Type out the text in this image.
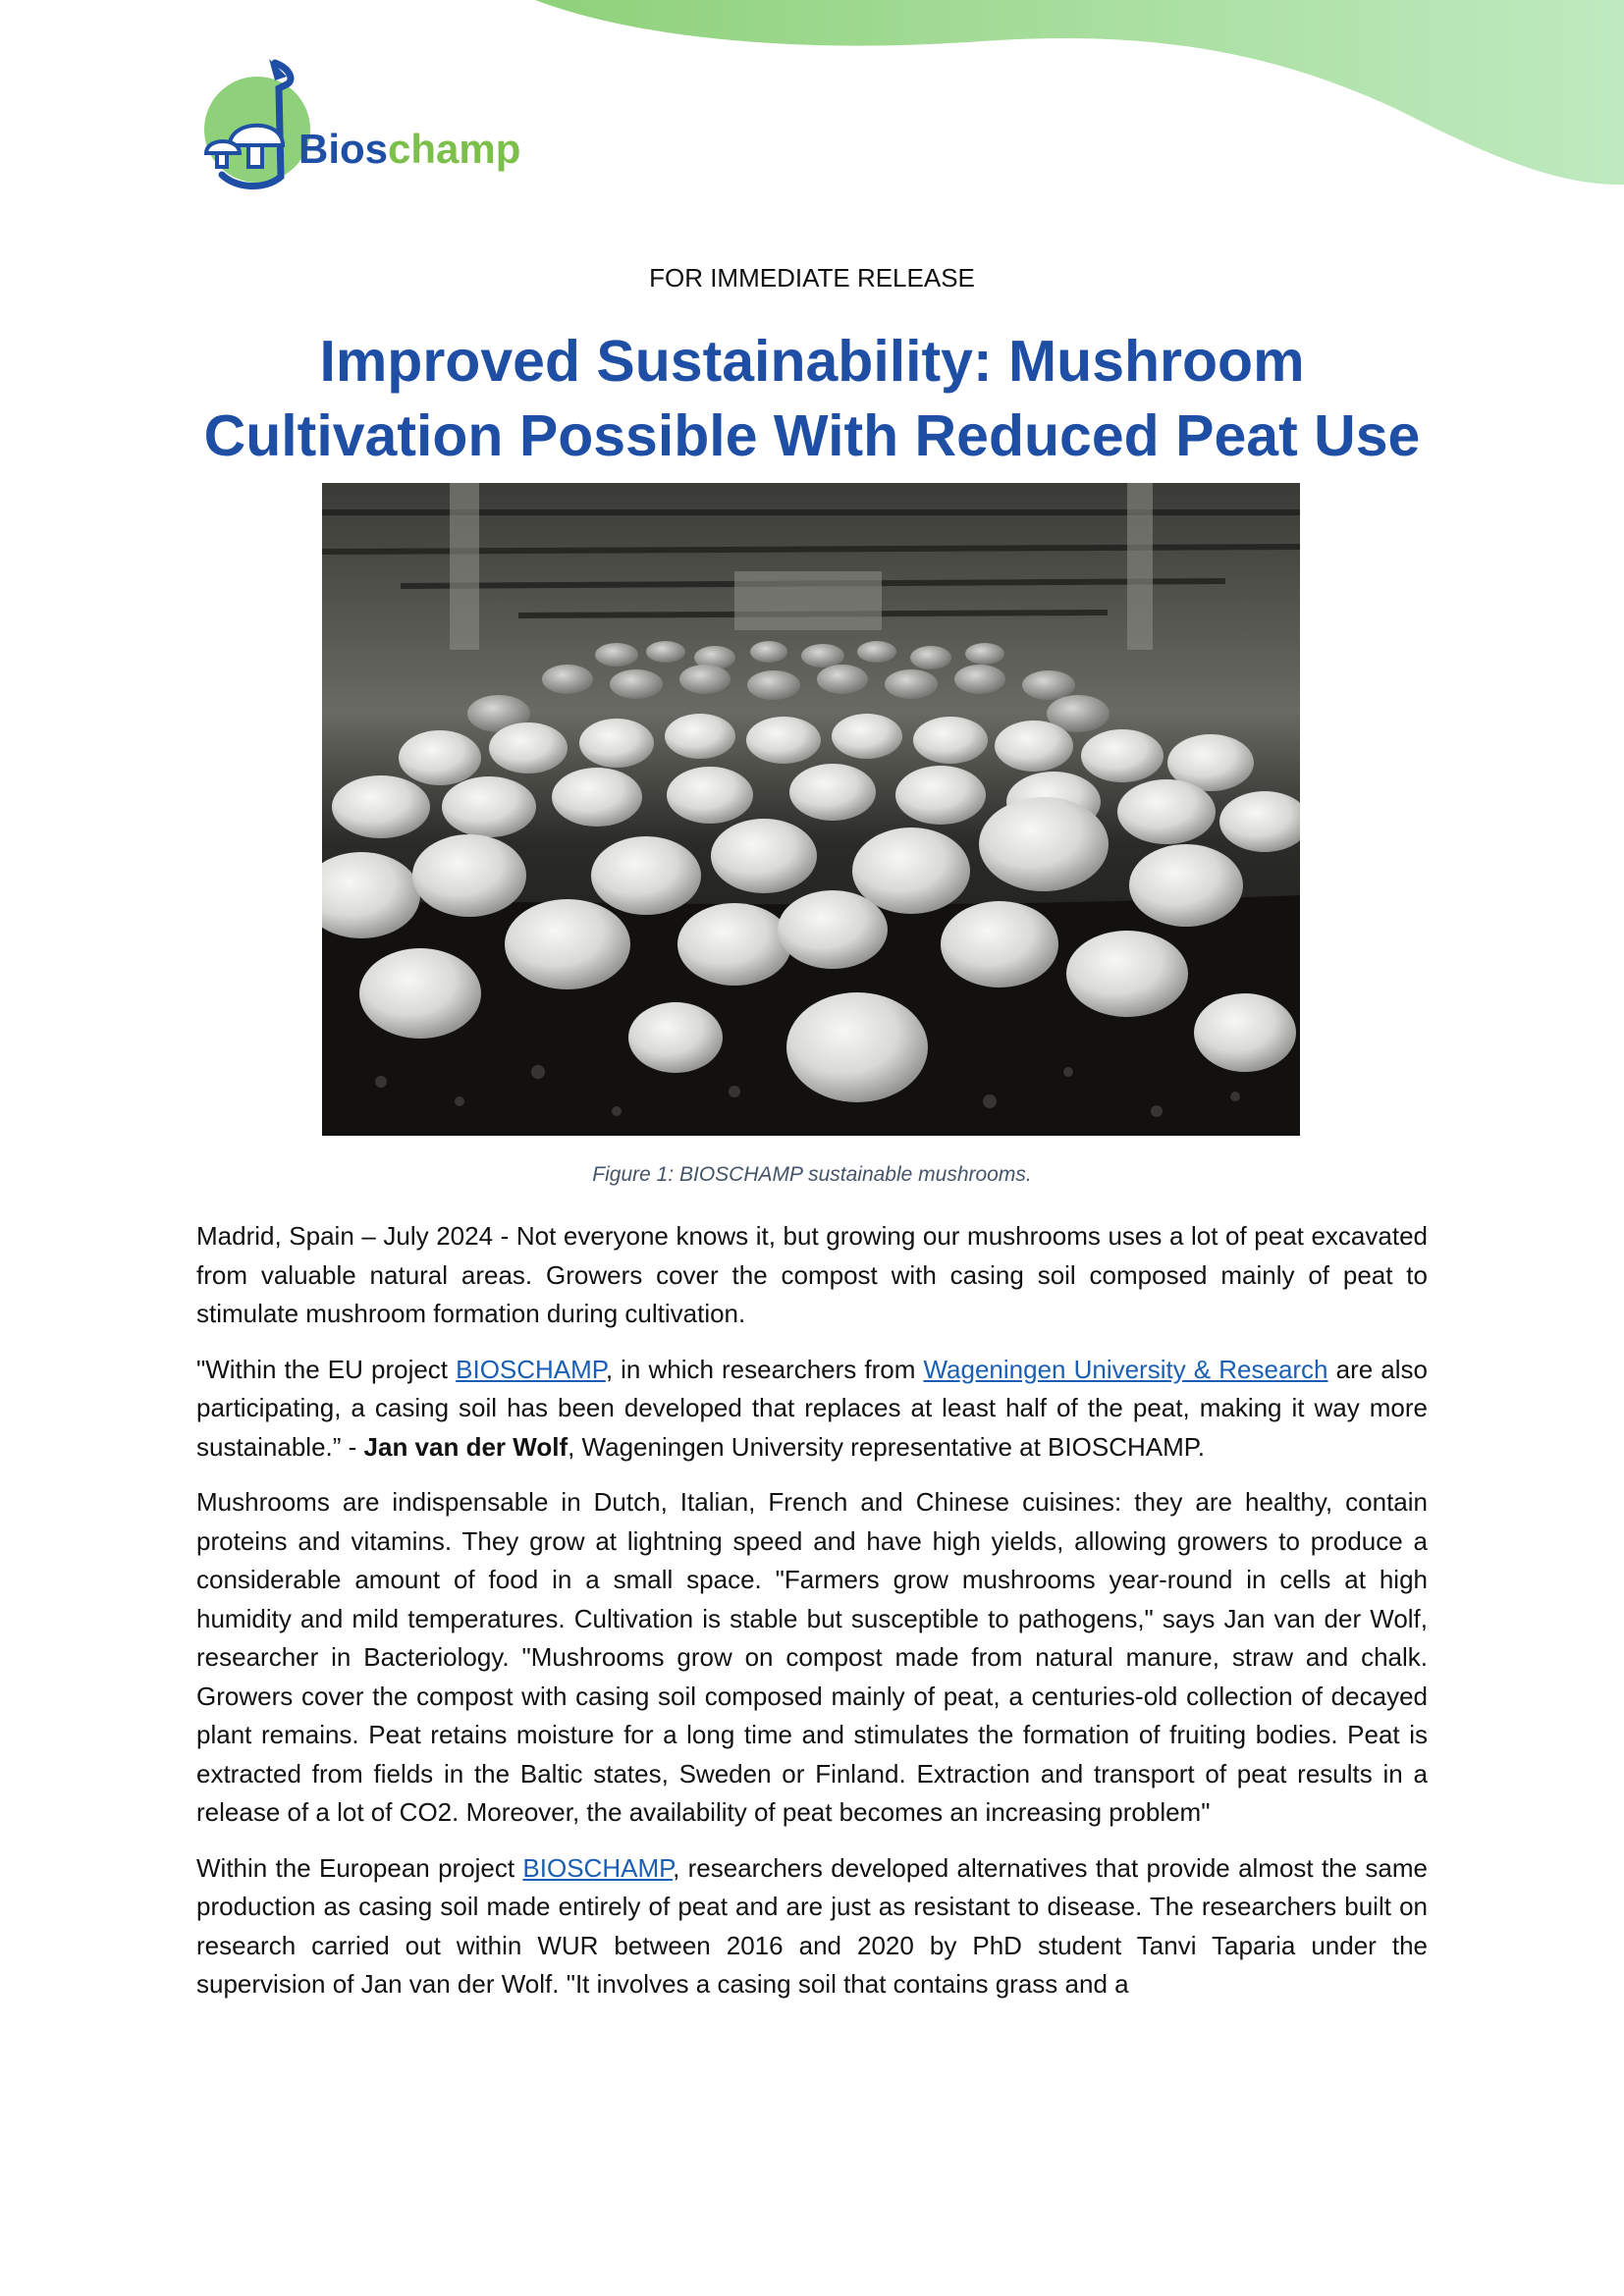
Bioschamp
FOR IMMEDIATE RELEASE
Improved Sustainability: Mushroom
Cultivation Possible With Reduced Peat Use
Figure 1: BIOSCHAMP sustainable mushrooms.

Madrid, Spain – July 2024 - Not everyone knows it, but growing our mushrooms uses a lot of peat excavated from valuable natural areas. Growers cover the compost with casing soil composed mainly of peat to stimulate mushroom formation during cultivation.

"Within the EU project BIOSCHAMP, in which researchers from Wageningen University & Research are also participating, a casing soil has been developed that replaces at least half of the peat, making it way more sustainable.” - Jan van der Wolf, Wageningen University representative at BIOSCHAMP.

Mushrooms are indispensable in Dutch, Italian, French and Chinese cuisines: they are healthy, contain proteins and vitamins. They grow at lightning speed and have high yields, allowing growers to produce a considerable amount of food in a small space. "Farmers grow mushrooms year-round in cells at high humidity and mild temperatures. Cultivation is stable but susceptible to pathogens," says Jan van der Wolf, researcher in Bacteriology. "Mushrooms grow on compost made from natural manure, straw and chalk. Growers cover the compost with casing soil composed mainly of peat, a centuries-old collection of decayed plant remains. Peat retains moisture for a long time and stimulates the formation of fruiting bodies. Peat is extracted from fields in the Baltic states, Sweden or Finland. Extraction and transport of peat results in a release of a lot of CO2. Moreover, the availability of peat becomes an increasing problem"

Within the European project BIOSCHAMP, researchers developed alternatives that provide almost the same production as casing soil made entirely of peat and are just as resistant to disease. The researchers built on research carried out within WUR between 2016 and 2020 by PhD student Tanvi Taparia under the supervision of Jan van der Wolf. "It involves a casing soil that contains grass and a
